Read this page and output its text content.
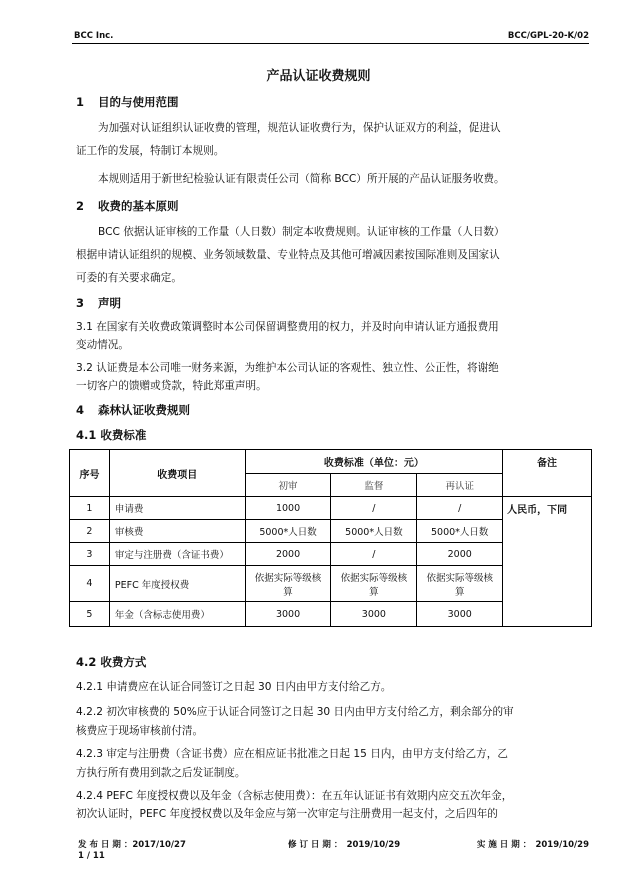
BCC Inc.	BCC/GPL-20-K/02
产品认证收费规则
1 目的与使用范围
为加强对认证组织认证收费的管理，规范认证收费行为，保护认证双方的利益，促进认
证工作的发展，特制订本规则。
本规则适用于新世纪检验认证有限责任公司（简称 BCC）所开展的产品认证服务收费。
2 收费的基本原则
BCC 依据认证审核的工作量（人日数）制定本收费规则。认证审核的工作量（人日数）
根据申请认证组织的规模、业务领域数量、专业特点及其他可增减因素按国际准则及国家认
可委的有关要求确定。
3 声明
3.1 在国家有关收费政策调整时本公司保留调整费用的权力，并及时向申请认证方通报费用
变动情况。
3.2 认证费是本公司唯一财务来源，为维护本公司认证的客观性、独立性、公正性，将谢绝
一切客户的馈赠或贷款，特此郑重声明。
4 森林认证收费规则
4.1 收费标准
序号	收费项目	收费标准（单位：元）			备注
		初审	监督	再认证	
1	申请费	1000	/	/	人民币，下同
2	审核费	5000*人日数	5000*人日数	5000*人日数	
3	审定与注册费（含证书费）	2000	/	2000	
4	PEFC 年度授权费	依据实际等级核算	依据实际等级核算	依据实际等级核算	
5	年金（含标志使用费）	3000	3000	3000	
4.2 收费方式
4.2.1 申请费应在认证合同签订之日起 30 日内由甲方支付给乙方。
4.2.2 初次审核费的 50%应于认证合同签订之日起 30 日内由甲方支付给乙方，剩余部分的审
核费应于现场审核前付清。
4.2.3 审定与注册费（含证书费）应在相应证书批准之日起 15 日内，由甲方支付给乙方，乙
方执行所有费用到款之后发证制度。
4.2.4 PEFC 年度授权费以及年金（含标志使用费）：在五年认证证书有效期内应交五次年金，
初次认证时，PEFC 年度授权费以及年金应与第一次审定与注册费用一起支付，之后四年的
发 布 日 期 ：2017/10/27	修 订 日 期 ：　2019/10/29	实 施 日 期 ：　2019/10/29
1 / 11
